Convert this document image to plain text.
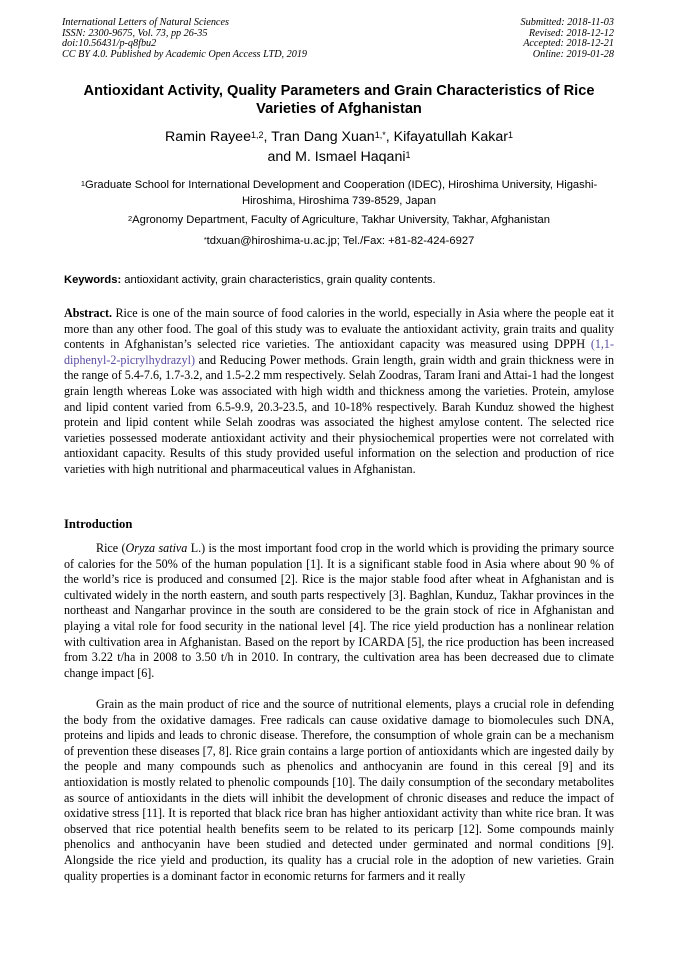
International Letters of Natural Sciences
ISSN: 2300-9675, Vol. 73, pp 26-35
doi:10.56431/p-q8fbu2
CC BY 4.0. Published by Academic Open Access LTD, 2019
Submitted: 2018-11-03
Revised: 2018-12-12
Accepted: 2018-12-21
Online: 2019-01-28
Antioxidant Activity, Quality Parameters and Grain Characteristics of Rice Varieties of Afghanistan
Ramin Rayee$^{1,2}$, Tran Dang Xuan$^{1,*}$, Kifayatullah Kakar$^1$
and M. Ismael Haqani$^1$
$^1$Graduate School for International Development and Cooperation (IDEC), Hiroshima University, Higashi-Hiroshima, Hiroshima 739-8529, Japan
$^2$Agronomy Department, Faculty of Agriculture, Takhar University, Takhar, Afghanistan
*tdxuan@hiroshima-u.ac.jp; Tel./Fax: +81-82-424-6927
Keywords: antioxidant activity, grain characteristics, grain quality contents.
Abstract. Rice is one of the main source of food calories in the world, especially in Asia where the people eat it more than any other food. The goal of this study was to evaluate the antioxidant activity, grain traits and quality contents in Afghanistan’s selected rice varieties. The antioxidant capacity was measured using DPPH (1,1-diphenyl-2-picrylhydrazyl) and Reducing Power methods. Grain length, grain width and grain thickness were in the range of 5.4-7.6, 1.7-3.2, and 1.5-2.2 mm respectively. Selah Zoodras, Taram Irani and Attai-1 had the longest grain length whereas Loke was associated with high width and thickness among the varieties. Protein, amylose and lipid content varied from 6.5-9.9, 20.3-23.5, and 10-18% respectively. Barah Kunduz showed the highest protein and lipid content while Selah zoodras was associated the highest amylose content. The selected rice varieties possessed moderate antioxidant activity and their physiochemical properties were not correlated with antioxidant capacity. Results of this study provided useful information on the selection and production of rice varieties with high nutritional and pharmaceutical values in Afghanistan.
Introduction

Rice (Oryza sativa L.) is the most important food crop in the world which is providing the primary source of calories for the 50% of the human population [1]. It is a significant stable food in Asia where about 90 % of the world’s rice is produced and consumed [2]. Rice is the major stable food after wheat in Afghanistan and is cultivated widely in the north eastern, and south parts respectively [3]. Baghlan, Kunduz, Takhar provinces in the northeast and Nangarhar province in the south are considered to be the grain stock of rice in Afghanistan and playing a vital role for food security in the national level [4]. The rice yield production has a nonlinear relation with cultivation area in Afghanistan. Based on the report by ICARDA [5], the rice production has been increased from 3.22 t/ha in 2008 to 3.50 t/h in 2010. In contrary, the cultivation area has been decreased due to climate change impact [6].

Grain as the main product of rice and the source of nutritional elements, plays a crucial role in defending the body from the oxidative damages. Free radicals can cause oxidative damage to biomolecules such DNA, proteins and lipids and leads to chronic disease. Therefore, the consumption of whole grain can be a mechanism of prevention these diseases [7, 8]. Rice grain contains a large portion of antioxidants which are ingested daily by the people and many compounds such as phenolics and anthocyanin are found in this cereal [9] and its antioxidation is mostly related to phenolic compounds [10]. The daily consumption of the secondary metabolites as source of antioxidants in the diets will inhibit the development of chronic diseases and reduce the impact of oxidative stress [11]. It is reported that black rice bran has higher antioxidant activity than white rice bran. It was observed that rice potential health benefits seem to be related to its pericarp [12]. Some compounds mainly phenolics and anthocyanin have been studied and detected under germinated and normal conditions [9]. Alongside the rice yield and production, its quality has a crucial role in the adoption of new varieties. Grain quality properties is a dominant factor in economic returns for farmers and it really
